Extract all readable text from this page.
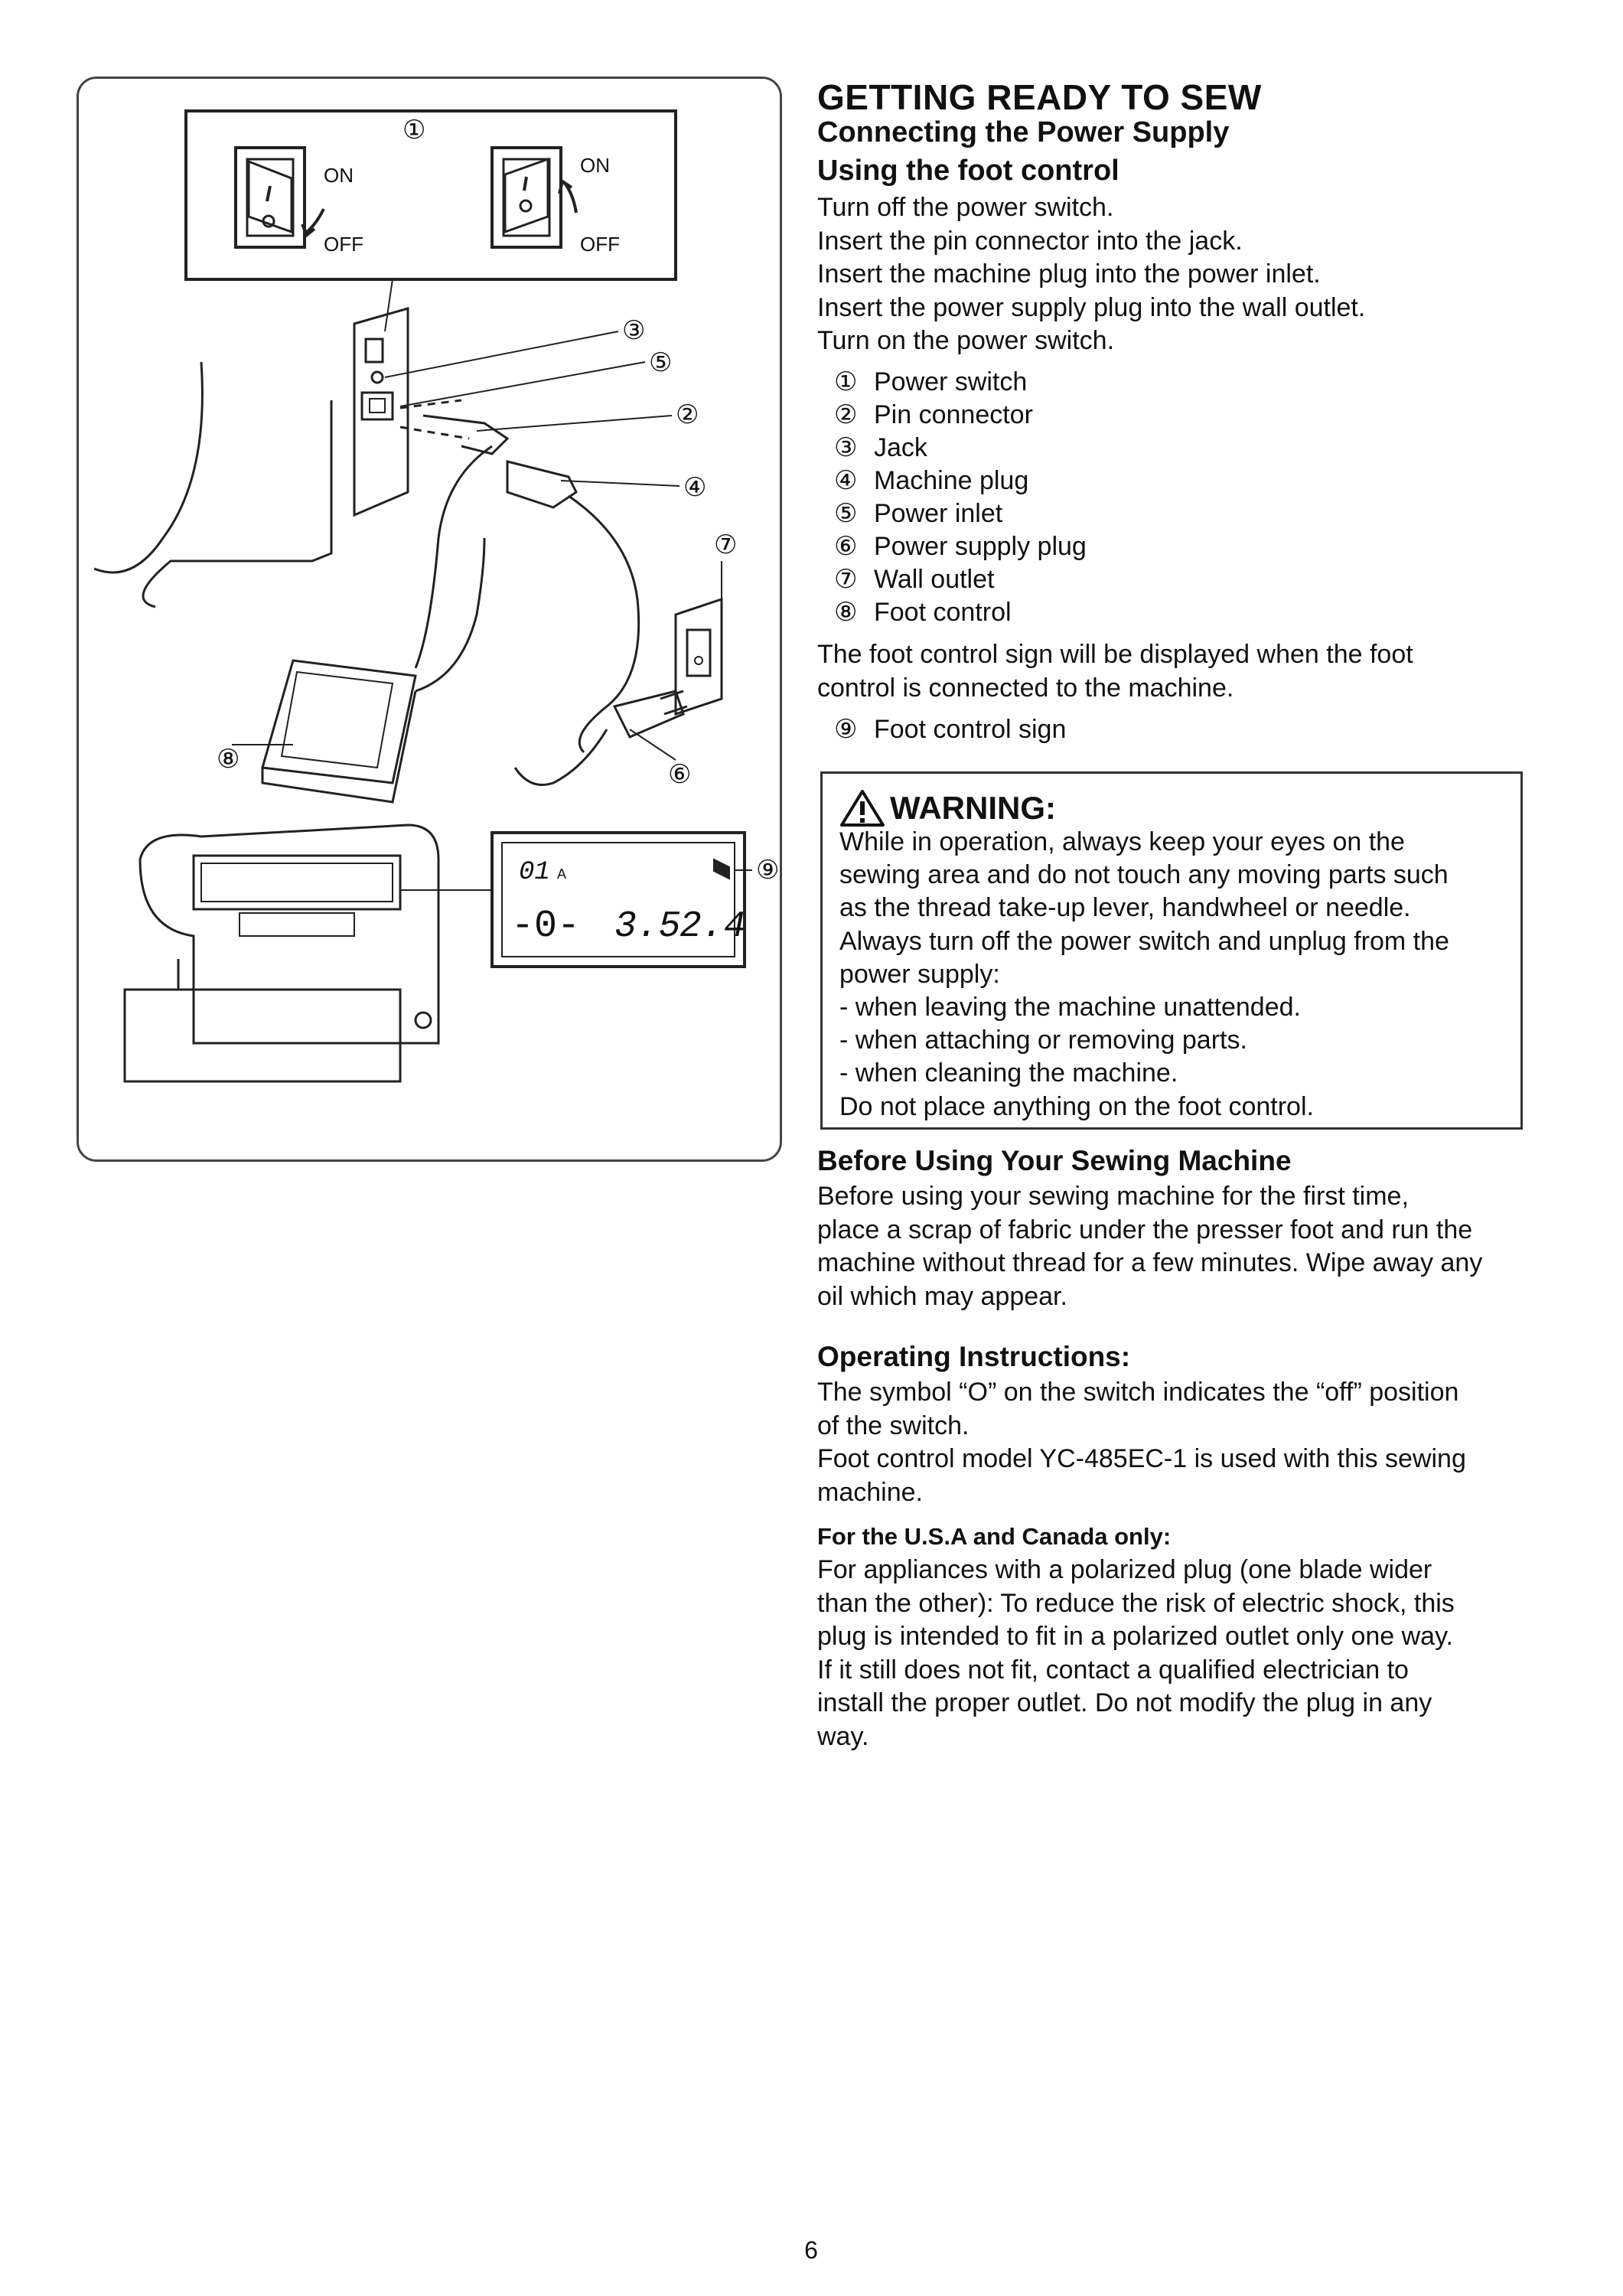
ON
OFF
ON
OFF
①
③
⑤
②
④
⑦
⑧
⑥
01 A
-0- 3.5
2.4
⑨
GETTING READY TO SEW
Connecting the Power Supply
Using the foot control
Turn off the power switch.
Insert the pin connector into the jack.
Insert the machine plug into the power inlet.
Insert the power supply plug into the wall outlet.
Turn on the power switch.
① Power switch
② Pin connector
③ Jack
④ Machine plug
⑤ Power inlet
⑥ Power supply plug
⑦ Wall outlet
⑧ Foot control
The foot control sign will be displayed when the foot
control is connected to the machine.
⑨ Foot control sign
WARNING:
While in operation, always keep your eyes on the
sewing area and do not touch any moving parts such
as the thread take-up lever, handwheel or needle.
Always turn off the power switch and unplug from the
power supply:
- when leaving the machine unattended.
- when attaching or removing parts.
- when cleaning the machine.
Do not place anything on the foot control.
Before Using Your Sewing Machine
Before using your sewing machine for the first time,
place a scrap of fabric under the presser foot and run the
machine without thread for a few minutes. Wipe away any
oil which may appear.
Operating Instructions:
The symbol “O” on the switch indicates the “off” position
of the switch.
Foot control model YC-485EC-1 is used with this sewing
machine.
For the U.S.A and Canada only:
For appliances with a polarized plug (one blade wider
than the other): To reduce the risk of electric shock, this
plug is intended to fit in a polarized outlet only one way.
If it still does not fit, contact a qualified electrician to
install the proper outlet. Do not modify the plug in any
way.
6
